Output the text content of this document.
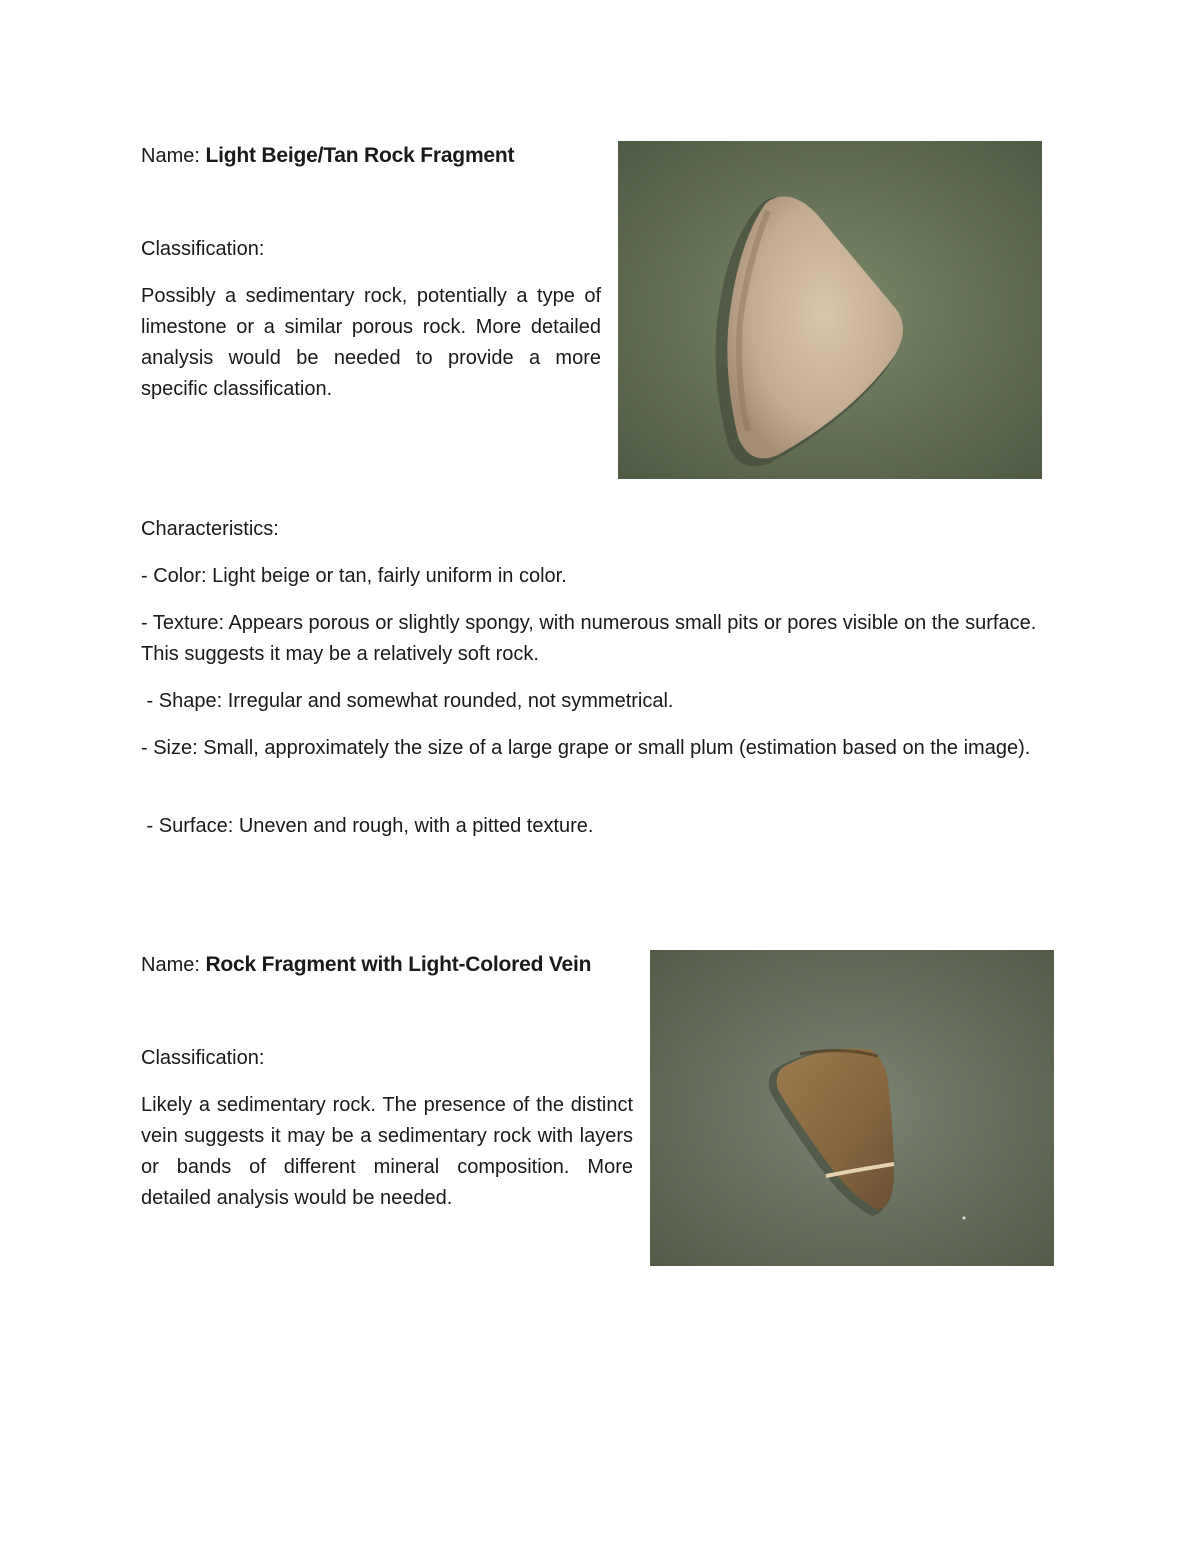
Name: Light Beige/Tan Rock Fragment

Classification:

Possibly a sedimentary rock, potentially a type of limestone or a similar porous rock. More detailed analysis would be needed to provide a more specific classification.

Characteristics:

- Color: Light beige or tan, fairly uniform in color.

- Texture: Appears porous or slightly spongy, with numerous small pits or pores visible on the surface. This suggests it may be a relatively soft rock.

- Shape: Irregular and somewhat rounded, not symmetrical.

- Size: Small, approximately the size of a large grape or small plum (estimation based on the image).

- Surface: Uneven and rough, with a pitted texture.

Name: Rock Fragment with Light-Colored Vein

Classification:

Likely a sedimentary rock. The presence of the distinct vein suggests it may be a sedimentary rock with layers or bands of different mineral composition. More detailed analysis would be needed.
